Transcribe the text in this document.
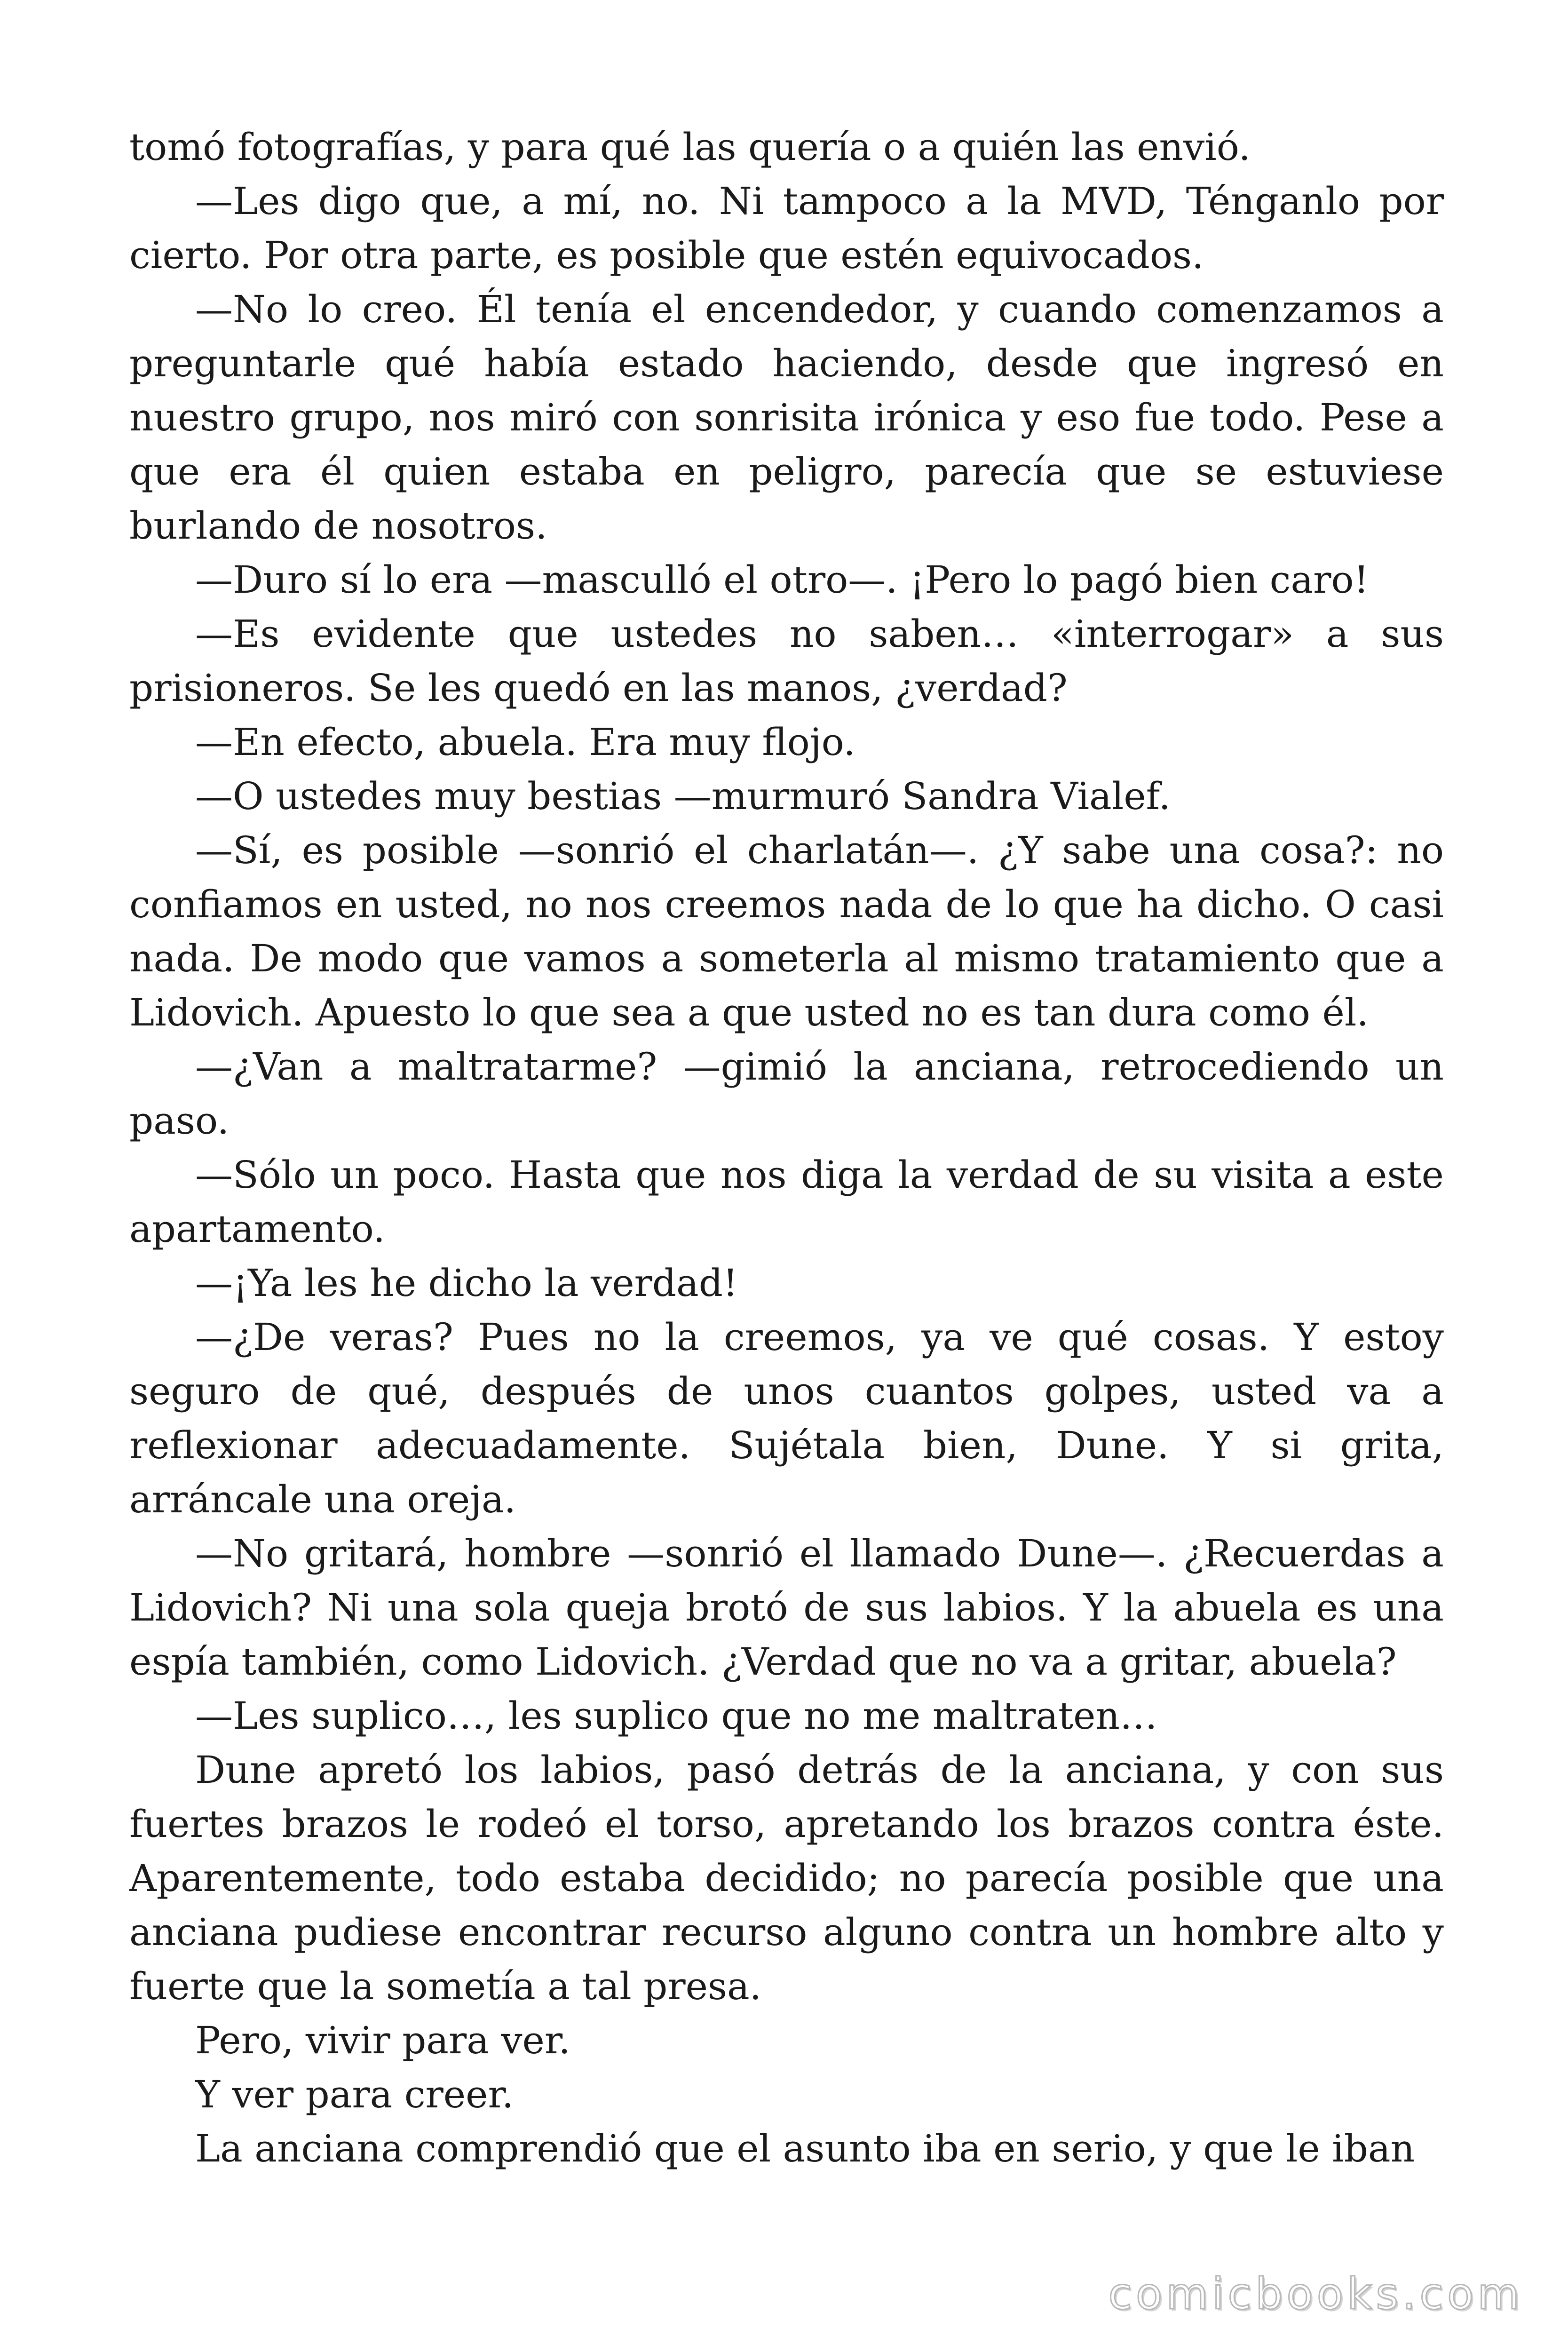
tomó fotografías, y para qué las quería o a quién las envió.

—Les digo que, a mí, no. Ni tampoco a la MVD, Ténganlo por cierto. Por otra parte, es posible que estén equivocados.

—No lo creo. Él tenía el encendedor, y cuando comenzamos a preguntarle qué había estado haciendo, desde que ingresó en nuestro grupo, nos miró con sonrisita irónica y eso fue todo. Pese a que era él quien estaba en peligro, parecía que se estuviese burlando de nosotros.

—Duro sí lo era —masculló el otro—. ¡Pero lo pagó bien caro!

—Es evidente que ustedes no saben… «interrogar» a sus prisioneros. Se les quedó en las manos, ¿verdad?

—En efecto, abuela. Era muy flojo.

—O ustedes muy bestias —murmuró Sandra Vialef.

—Sí, es posible —sonrió el charlatán—. ¿Y sabe una cosa?: no confiamos en usted, no nos creemos nada de lo que ha dicho. O casi nada. De modo que vamos a someterla al mismo tratamiento que a Lidovich. Apuesto lo que sea a que usted no es tan dura como él.

—¿Van a maltratarme? —gimió la anciana, retrocediendo un paso.

—Sólo un poco. Hasta que nos diga la verdad de su visita a este apartamento.

—¡Ya les he dicho la verdad!

—¿De veras? Pues no la creemos, ya ve qué cosas. Y estoy seguro de qué, después de unos cuantos golpes, usted va a reflexionar adecuadamente. Sujétala bien, Dune. Y si grita, arráncale una oreja.

—No gritará, hombre —sonrió el llamado Dune—. ¿Recuerdas a Lidovich? Ni una sola queja brotó de sus labios. Y la abuela es una espía también, como Lidovich. ¿Verdad que no va a gritar, abuela?

—Les suplico…, les suplico que no me maltraten…

Dune apretó los labios, pasó detrás de la anciana, y con sus fuertes brazos le rodeó el torso, apretando los brazos contra éste. Aparentemente, todo estaba decidido; no parecía posible que una anciana pudiese encontrar recurso alguno contra un hombre alto y fuerte que la sometía a tal presa.

Pero, vivir para ver.

Y ver para creer.

La anciana comprendió que el asunto iba en serio, y que le iban

comicbooks.com
